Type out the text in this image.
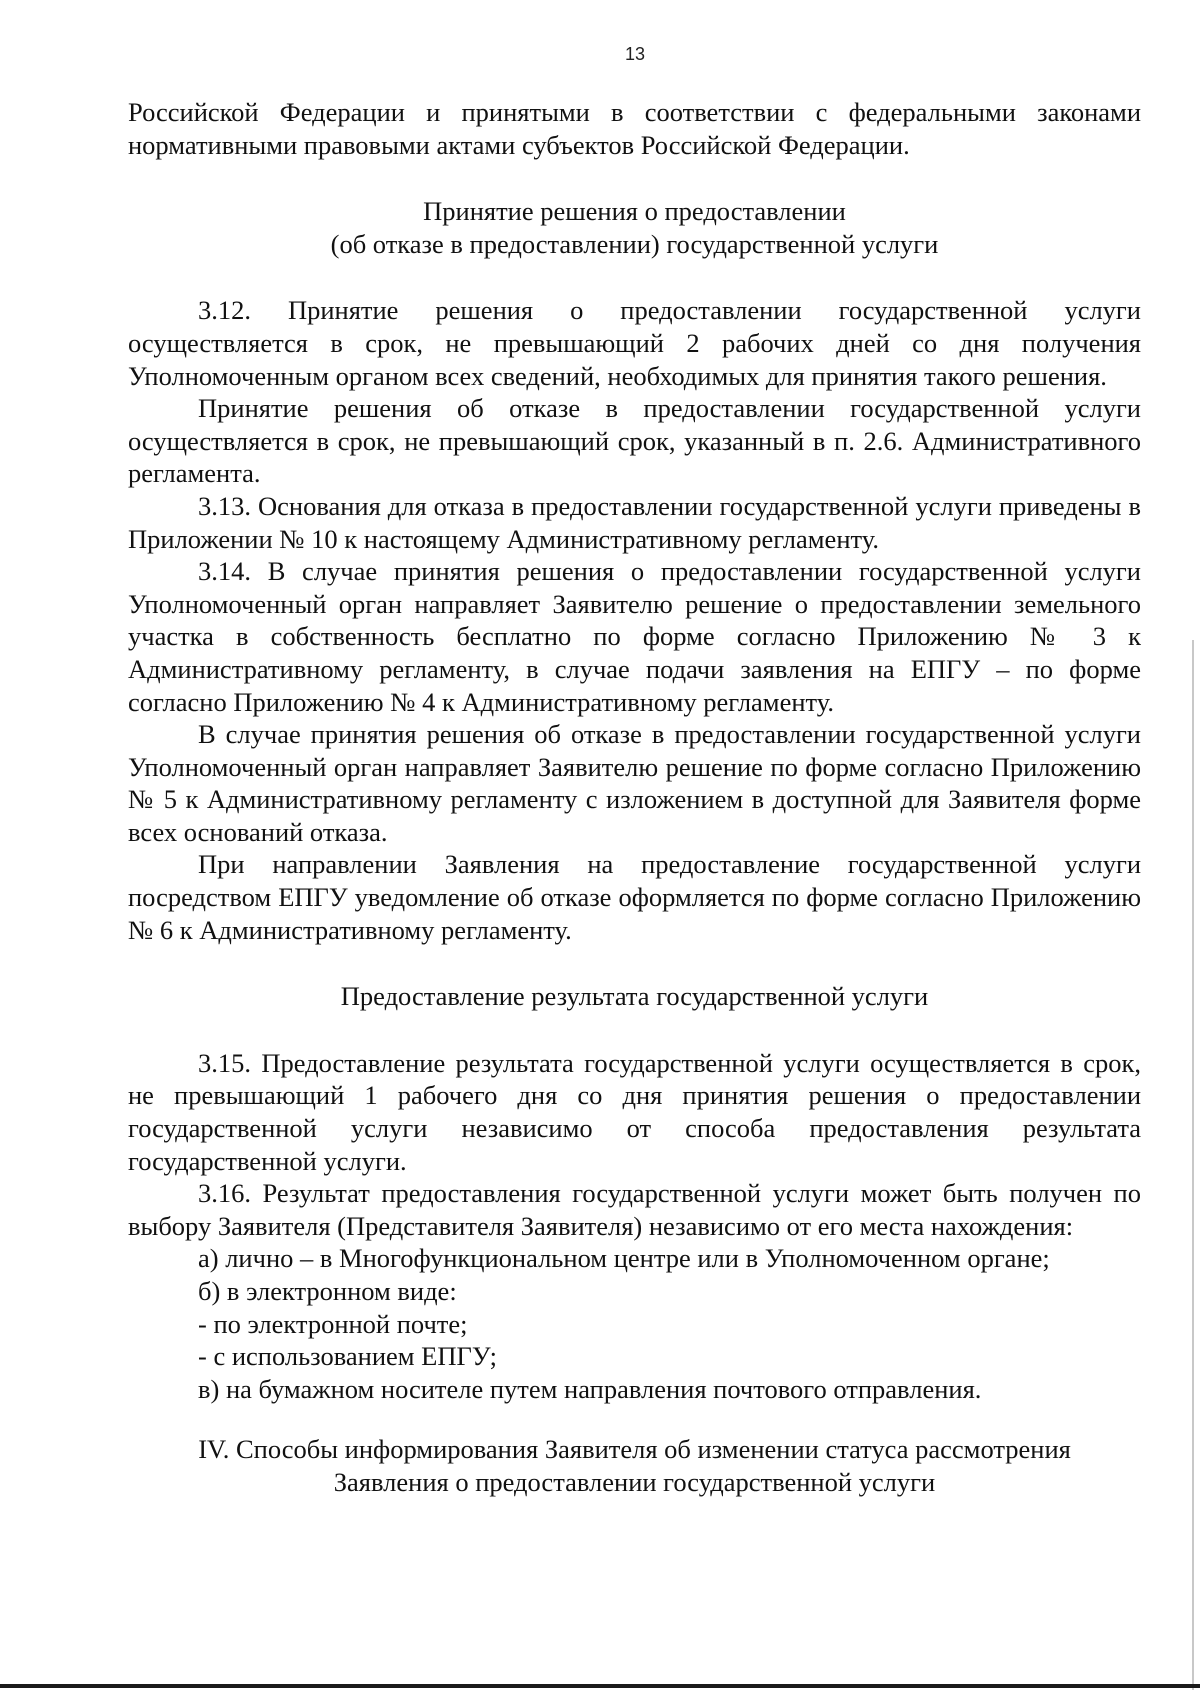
13

Российской Федерации и принятыми в соответствии с федеральными законами нормативными правовыми актами субъектов Российской Федерации.

Принятие решения о предоставлении

(об отказе в предоставлении) государственной услуги

3.12. Принятие решения о предоставлении государственной услуги осуществляется в срок, не превышающий 2 рабочих дней со дня получения Уполномоченным органом всех сведений, необходимых для принятия такого решения.

Принятие решения об отказе в предоставлении государственной услуги осуществляется в срок, не превышающий срок, указанный в п. 2.6. Административного регламента.

3.13. Основания для отказа в предоставлении государственной услуги приведены в Приложении № 10 к настоящему Административному регламенту.

3.14. В случае принятия решения о предоставлении государственной услуги Уполномоченный орган направляет Заявителю решение о предоставлении земельного участка в собственность бесплатно по форме согласно Приложению № 3 к Административному регламенту, в случае подачи заявления на ЕПГУ – по форме согласно Приложению № 4 к Административному регламенту.

В случае принятия решения об отказе в предоставлении государственной услуги Уполномоченный орган направляет Заявителю решение по форме согласно Приложению № 5 к Административному регламенту с изложением в доступной для Заявителя форме всех оснований отказа.

При направлении Заявления на предоставление государственной услуги посредством ЕПГУ уведомление об отказе оформляется по форме согласно Приложению № 6 к Административному регламенту.

Предоставление результата государственной услуги

3.15. Предоставление результата государственной услуги осуществляется в срок, не превышающий 1 рабочего дня со дня принятия решения о предоставлении государственной услуги независимо от способа предоставления результата государственной услуги.

3.16. Результат предоставления государственной услуги может быть получен по выбору Заявителя (Представителя Заявителя) независимо от его места нахождения:

а) лично – в Многофункциональном центре или в Уполномоченном органе;

б) в электронном виде:

- по электронной почте;

- с использованием ЕПГУ;

в) на бумажном носителе путем направления почтового отправления.

IV. Способы информирования Заявителя об изменении статуса рассмотрения

Заявления о предоставлении государственной услуги
